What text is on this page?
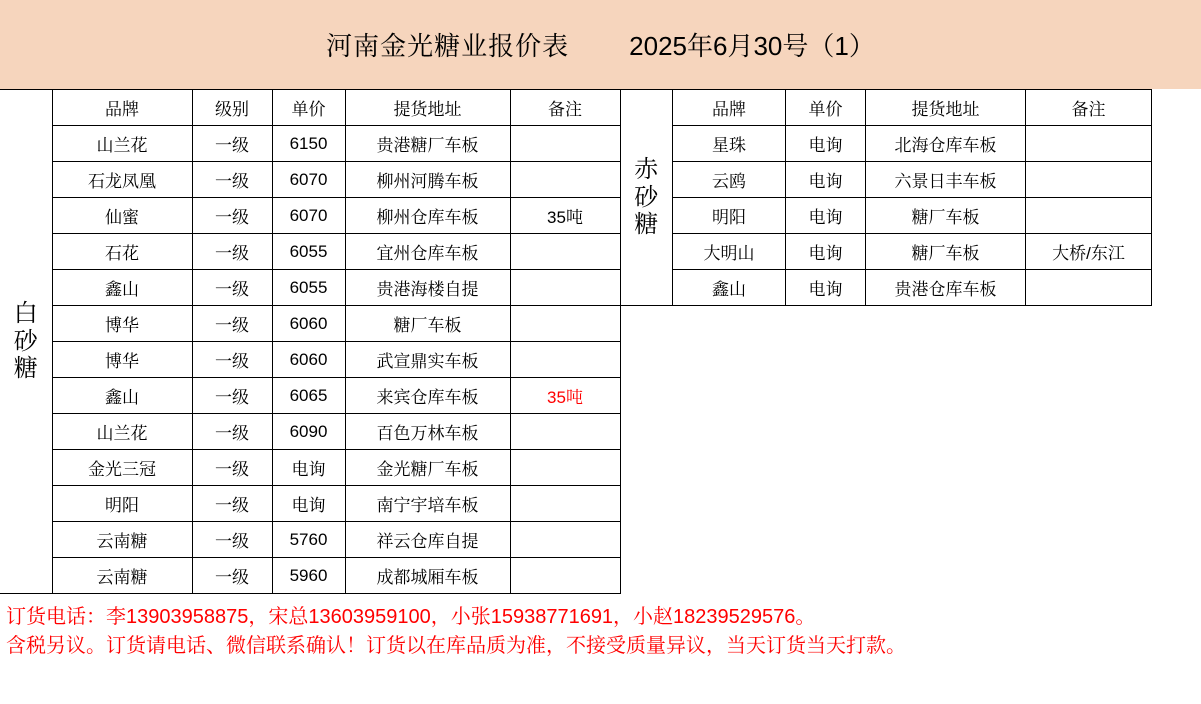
河南金光糖业报价表 2025年6月30号（1）
白
砂
糖	品牌	级别	单价	提货地址	备注
	山兰花	一级	6150	贵港糖厂车板	
	石龙凤凰	一级	6070	柳州河腾车板	
	仙蜜	一级	6070	柳州仓库车板	35吨
	石花	一级	6055	宜州仓库车板	
	鑫山	一级	6055	贵港海楼自提	
	博华	一级	6060	糖厂车板	
	博华	一级	6060	武宣鼎实车板	
	鑫山	一级	6065	来宾仓库车板	35吨
	山兰花	一级	6090	百色万林车板	
	金光三冠	一级	电询	金光糖厂车板	
	明阳	一级	电询	南宁宇培车板	
	云南糖	一级	5760	祥云仓库自提	
	云南糖	一级	5960	成都城厢车板	
赤
砂
糖	品牌	单价	提货地址	备注
	星珠	电询	北海仓库车板	
	云鸥	电询	六景日丰车板	
	明阳	电询	糖厂车板	
	大明山	电询	糖厂车板	大桥/东江
	鑫山	电询	贵港仓库车板	
订货电话：李13903958875，宋总13603959100，小张15938771691，小赵18239529576。
含税另议。订货请电话、微信联系确认！订货以在库品质为准，不接受质量异议，当天订货当天打款。
